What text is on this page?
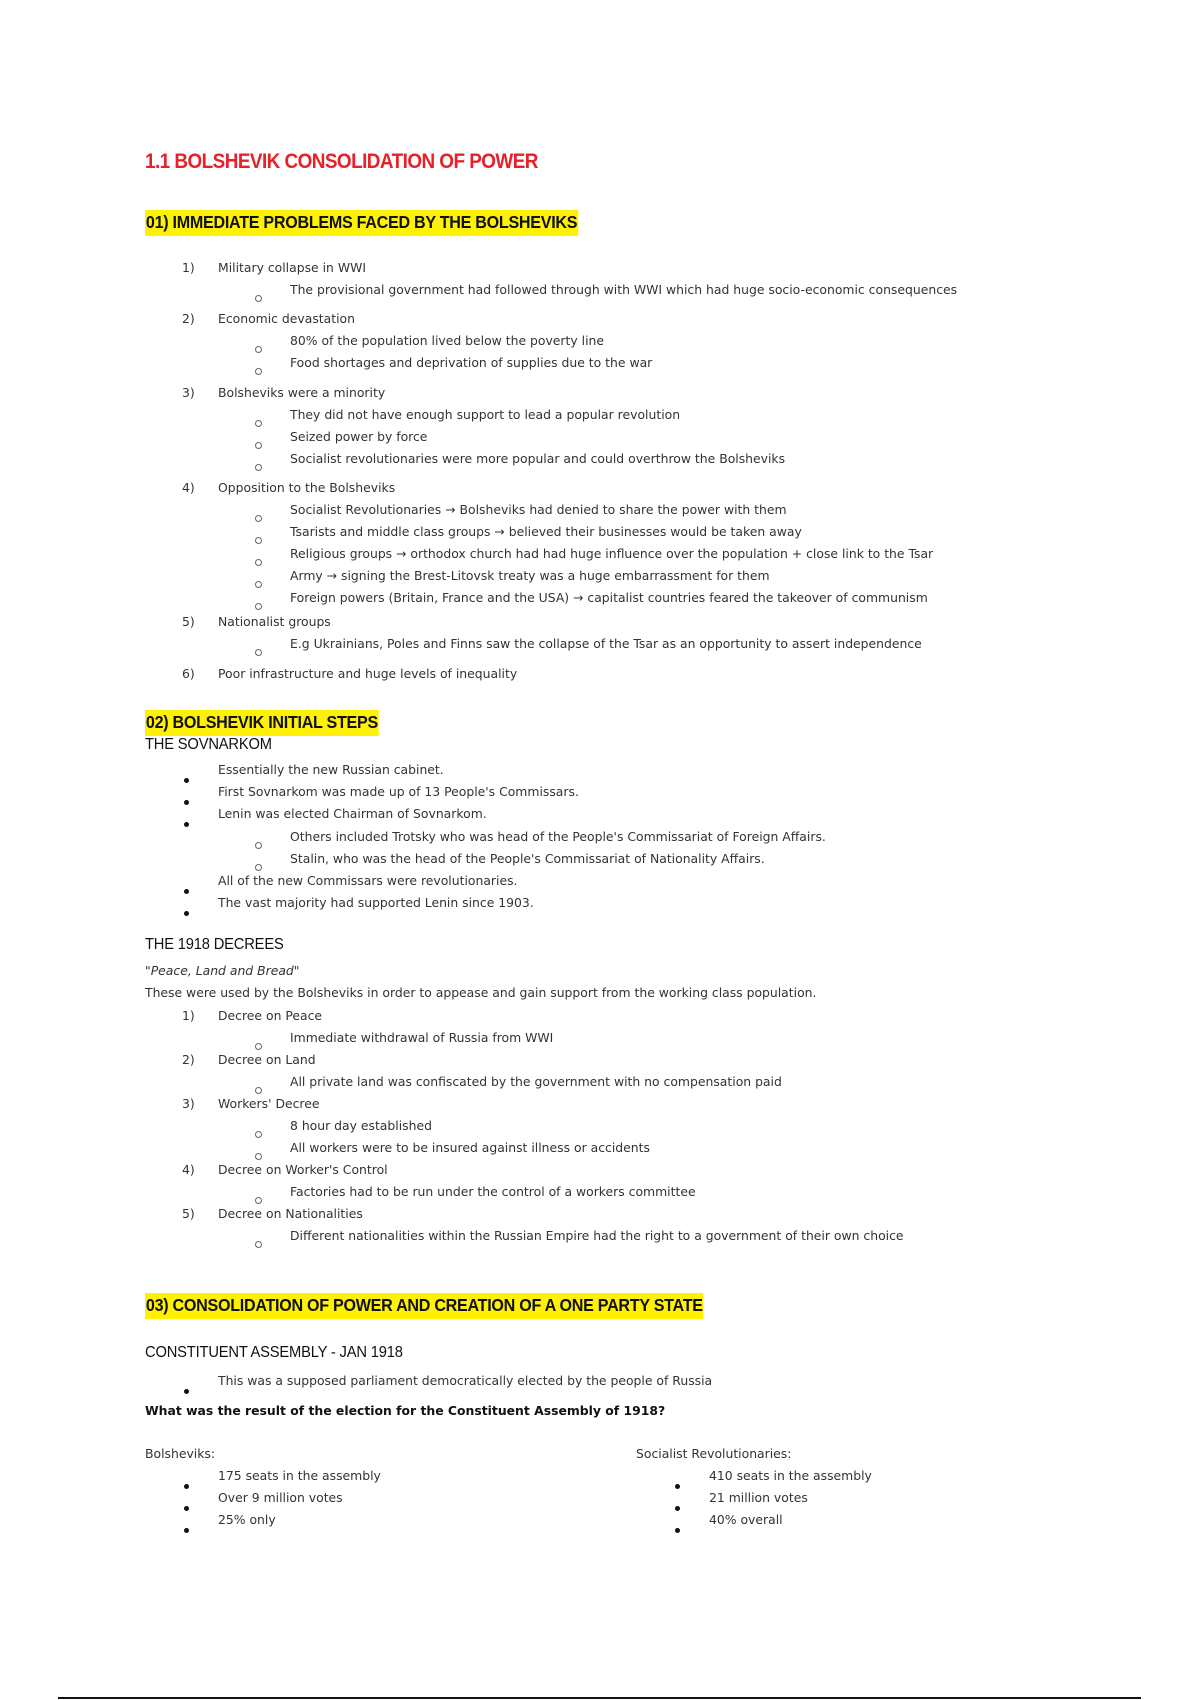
1.1 BOLSHEVIK CONSOLIDATION OF POWER
01) IMMEDIATE PROBLEMS FACED BY THE BOLSHEVIKS
1) Military collapse in WWI
The provisional government had followed through with WWI which had huge socio-economic consequences
2) Economic devastation
80% of the population lived below the poverty line
Food shortages and deprivation of supplies due to the war
3) Bolsheviks were a minority
They did not have enough support to lead a popular revolution
Seized power by force
Socialist revolutionaries were more popular and could overthrow the Bolsheviks
4) Opposition to the Bolsheviks
Socialist Revolutionaries → Bolsheviks had denied to share the power with them
Tsarists and middle class groups → believed their businesses would be taken away
Religious groups → orthodox church had had huge influence over the population + close link to the Tsar
Army → signing the Brest-Litovsk treaty was a huge embarrassment for them
Foreign powers (Britain, France and the USA) → capitalist countries feared the takeover of communism
5) Nationalist groups
E.g Ukrainians, Poles and Finns saw the collapse of the Tsar as an opportunity to assert independence
6) Poor infrastructure and huge levels of inequality
02) BOLSHEVIK INITIAL STEPS
THE SOVNARKOM
Essentially the new Russian cabinet.
First Sovnarkom was made up of 13 People's Commissars.
Lenin was elected Chairman of Sovnarkom.
Others included Trotsky who was head of the People's Commissariat of Foreign Affairs.
Stalin, who was the head of the People's Commissariat of Nationality Affairs.
All of the new Commissars were revolutionaries.
The vast majority had supported Lenin since 1903.
THE 1918 DECREES
"Peace, Land and Bread"
These were used by the Bolsheviks in order to appease and gain support from the working class population.
1) Decree on Peace
Immediate withdrawal of Russia from WWI
2) Decree on Land
All private land was confiscated by the government with no compensation paid
3) Workers' Decree
8 hour day established
All workers were to be insured against illness or accidents
4) Decree on Worker's Control
Factories had to be run under the control of a workers committee
5) Decree on Nationalities
Different nationalities within the Russian Empire had the right to a government of their own choice
03) CONSOLIDATION OF POWER AND CREATION OF A ONE PARTY STATE
CONSTITUENT ASSEMBLY - JAN 1918
This was a supposed parliament democratically elected by the people of Russia
What was the result of the election for the Constituent Assembly of 1918?
Bolsheviks:
175 seats in the assembly
Over 9 million votes
25% only
Socialist Revolutionaries:
410 seats in the assembly
21 million votes
40% overall
